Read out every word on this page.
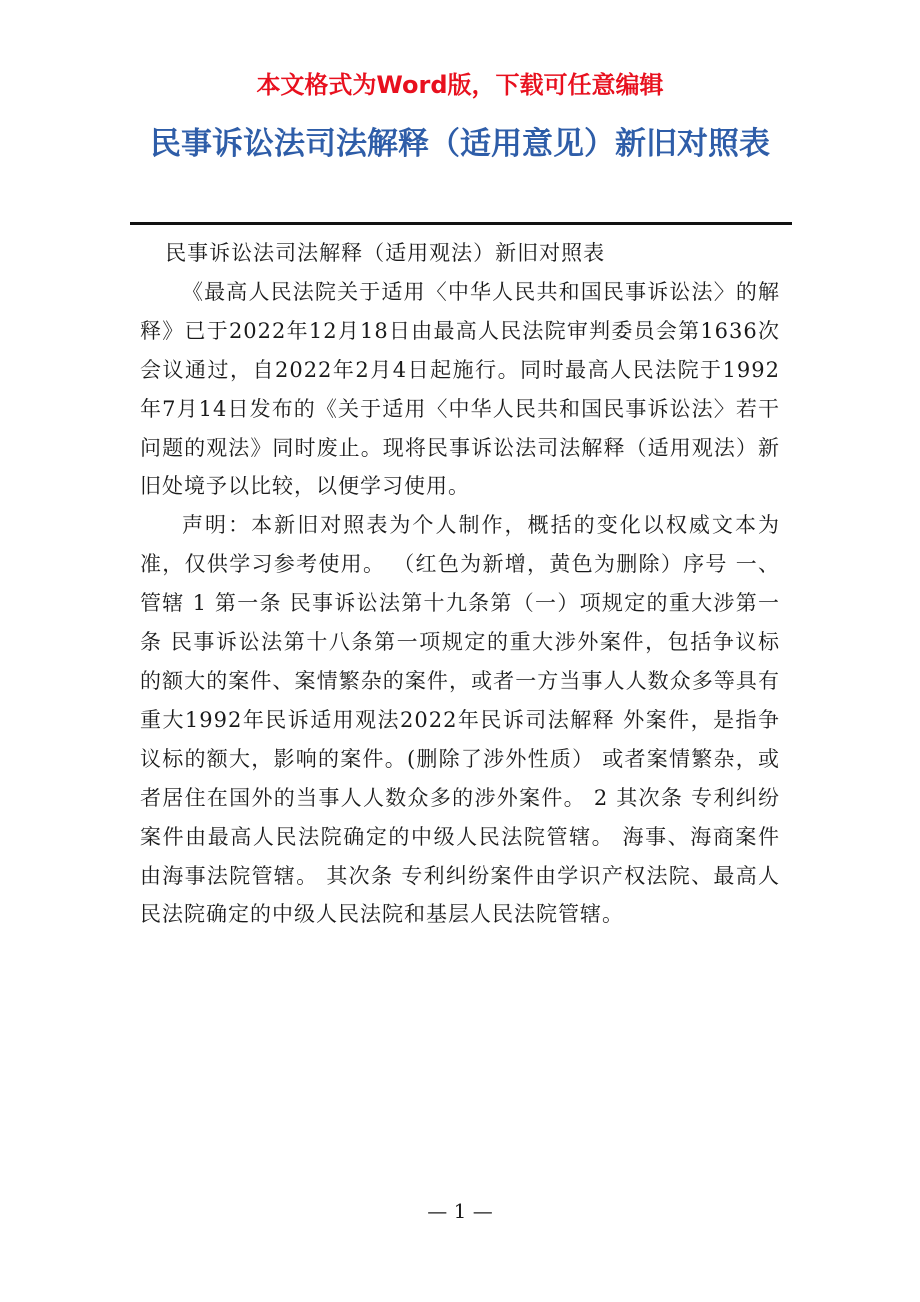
本文格式为Word版，下载可任意编辑
民事诉讼法司法解释（适用意见）新旧对照表

民事诉讼法司法解释（适用观法）新旧对照表

《最高人民法院关于适用〈中华人民共和国民事诉讼法〉的解释》已于2022年12月18日由最高人民法院审判委员会第1636次会议通过，自2022年2月4日起施行。同时最高人民法院于1992年7月14日发布的《关于适用〈中华人民共和国民事诉讼法〉若干问题的观法》同时废止。现将民事诉讼法司法解释（适用观法）新旧处境予以比较，以便学习使用。

声明：本新旧对照表为个人制作，概括的变化以权威文本为准，仅供学习参考使用。 （红色为新增，黄色为删除）序号 一、管辖 1 第一条 民事诉讼法第十九条第（一）项规定的重大涉第一条 民事诉讼法第十八条第一项规定的重大涉外案件，包括争议标的额大的案件、案情繁杂的案件，或者一方当事人人数众多等具有重大1992年民诉适用观法2022年民诉司法解释 外案件，是指争议标的额大，影响的案件。(删除了涉外性质） 或者案情繁杂，或者居住在国外的当事人人数众多的涉外案件。 2 其次条 专利纠纷案件由最高人民法院确定的中级人民法院管辖。 海事、海商案件由海事法院管辖。 其次条 专利纠纷案件由学识产权法院、最高人民法院确定的中级人民法院和基层人民法院管辖。

— 1 —
